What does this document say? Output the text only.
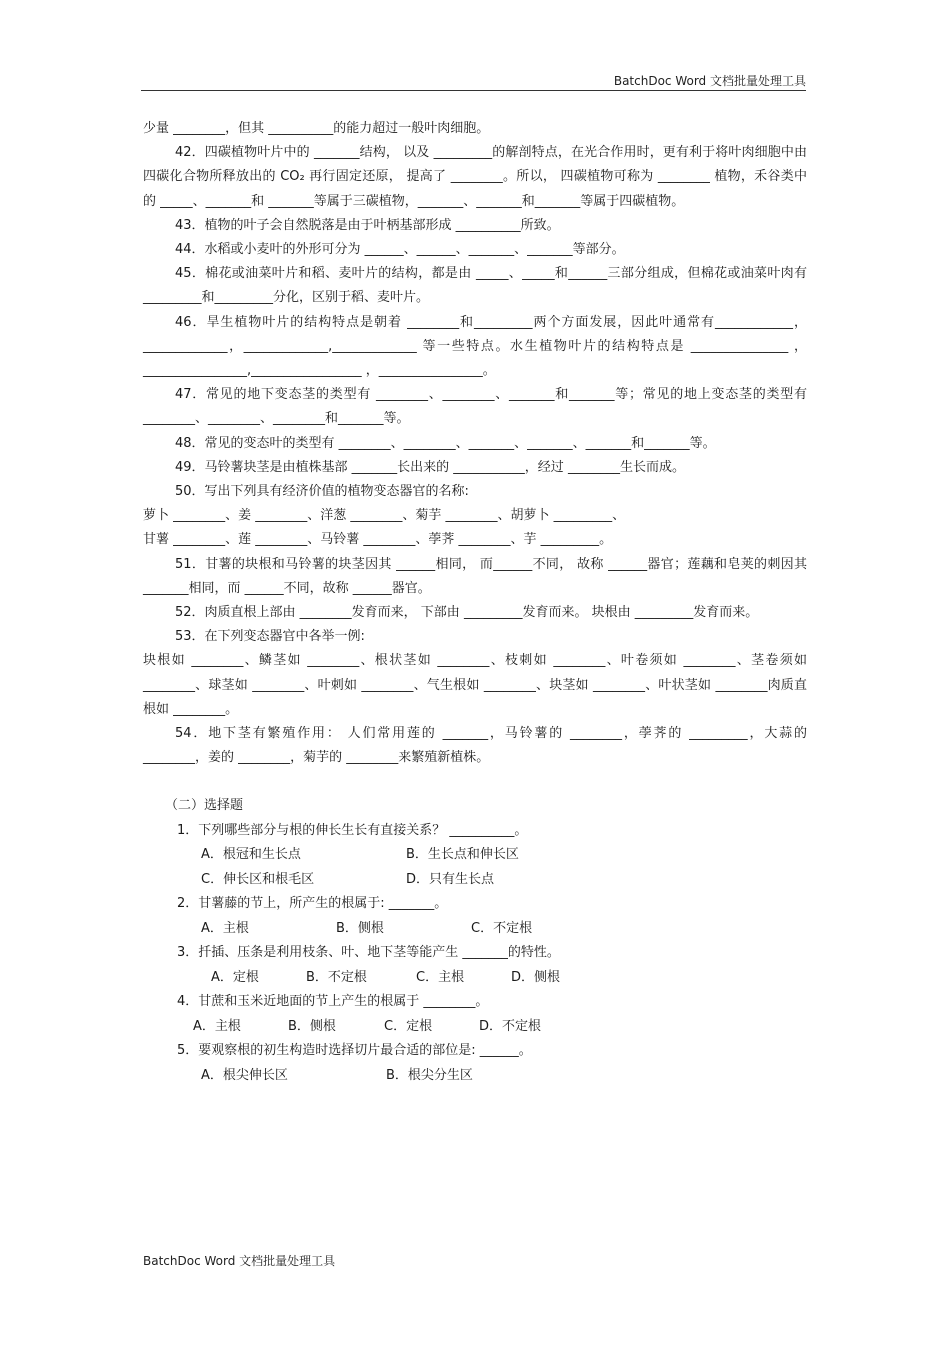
BatchDoc Word 文档批量处理工具
少量 ________，但其 __________的能力超过一般叶肉细胞。
42．四碳植物叶片中的 _______结构， 以及 _________的解剖特点，在光合作用时，更有利于将叶肉细胞中由四碳化合物所释放出的 CO₂ 再行固定还原， 提高了 ________。所以， 四碳植物可称为 ________ 植物，禾谷类中的 _____、_______和 _______等属于三碳植物，_______、_______和_______等属于四碳植物。
43．植物的叶子会自然脱落是由于叶柄基部形成 __________所致。
44．水稻或小麦叶的外形可分为 ______、______、_______、_______等部分。
45．棉花或油菜叶片和稻、麦叶片的结构，都是由 _____、_____和______三部分组成，但棉花或油菜叶肉有 _________和_________分化，区别于稻、麦叶片。
46．旱生植物叶片的结构特点是朝着 ________和_________两个方面发展，因此叶通常有____________，_____________，_____________,_____________ 等一些特点。水生植物叶片的结构特点是 _______________ ， ________________,_________________ ，________________。
47．常见的地下变态茎的类型有 ________、________、_______和_______等；常见的地上变态茎的类型有 ________、________、________和_______等。
48．常见的变态叶的类型有 ________、________、_______、_______、_______和_______等。
49．马铃薯块茎是由植株基部 _______长出来的 ___________，经过 ________生长而成。
50．写出下列具有经济价值的植物变态器官的名称:
萝卜 ________、姜 ________、洋葱 ________、菊芋 ________、胡萝卜 _________、
甘薯 ________、莲 ________、马铃薯 ________、荸荠 ________、芋 _________。
51．甘薯的块根和马铃薯的块茎因其 ______相同， 而______不同， 故称 ______器官；莲藕和皂荚的刺因其 _______相同，而 ______不同，故称 ______器官。
52．肉质直根上部由 ________发育而来， 下部由 _________发育而来。 块根由 _________发育而来。
53．在下列变态器官中各举一例:
块根如 ________、鳞茎如 ________、根状茎如 ________、枝刺如 ________、叶卷须如 ________、茎卷须如 ________、球茎如 ________、叶刺如 ________、气生根如 ________、块茎如 ________、叶状茎如 ________肉质直根如 ________。
54．地下茎有繁殖作用： 人们常用莲的 _______，马铃薯的 ________，荸荠的 _________，大蒜的 ________，姜的 ________，菊芋的 ________来繁殖新植株。
（二）选择题
1．下列哪些部分与根的伸长生长有直接关系？ __________。
A．根冠和生长点	B．生长点和伸长区
C．伸长区和根毛区	D．只有生长点
2．甘薯藤的节上，所产生的根属于: _______。
A．主根	B．侧根	C．不定根
3．扦插、压条是利用枝条、叶、地下茎等能产生 _______的特性。
A．定根	B．不定根	C．主根	D．侧根
4．甘蔗和玉米近地面的节上产生的根属于 ________。
A．主根	B．侧根	C．定根	D．不定根
5．要观察根的初生构造时选择切片最合适的部位是: ______。
A．根尖伸长区	B．根尖分生区
BatchDoc Word 文档批量处理工具
